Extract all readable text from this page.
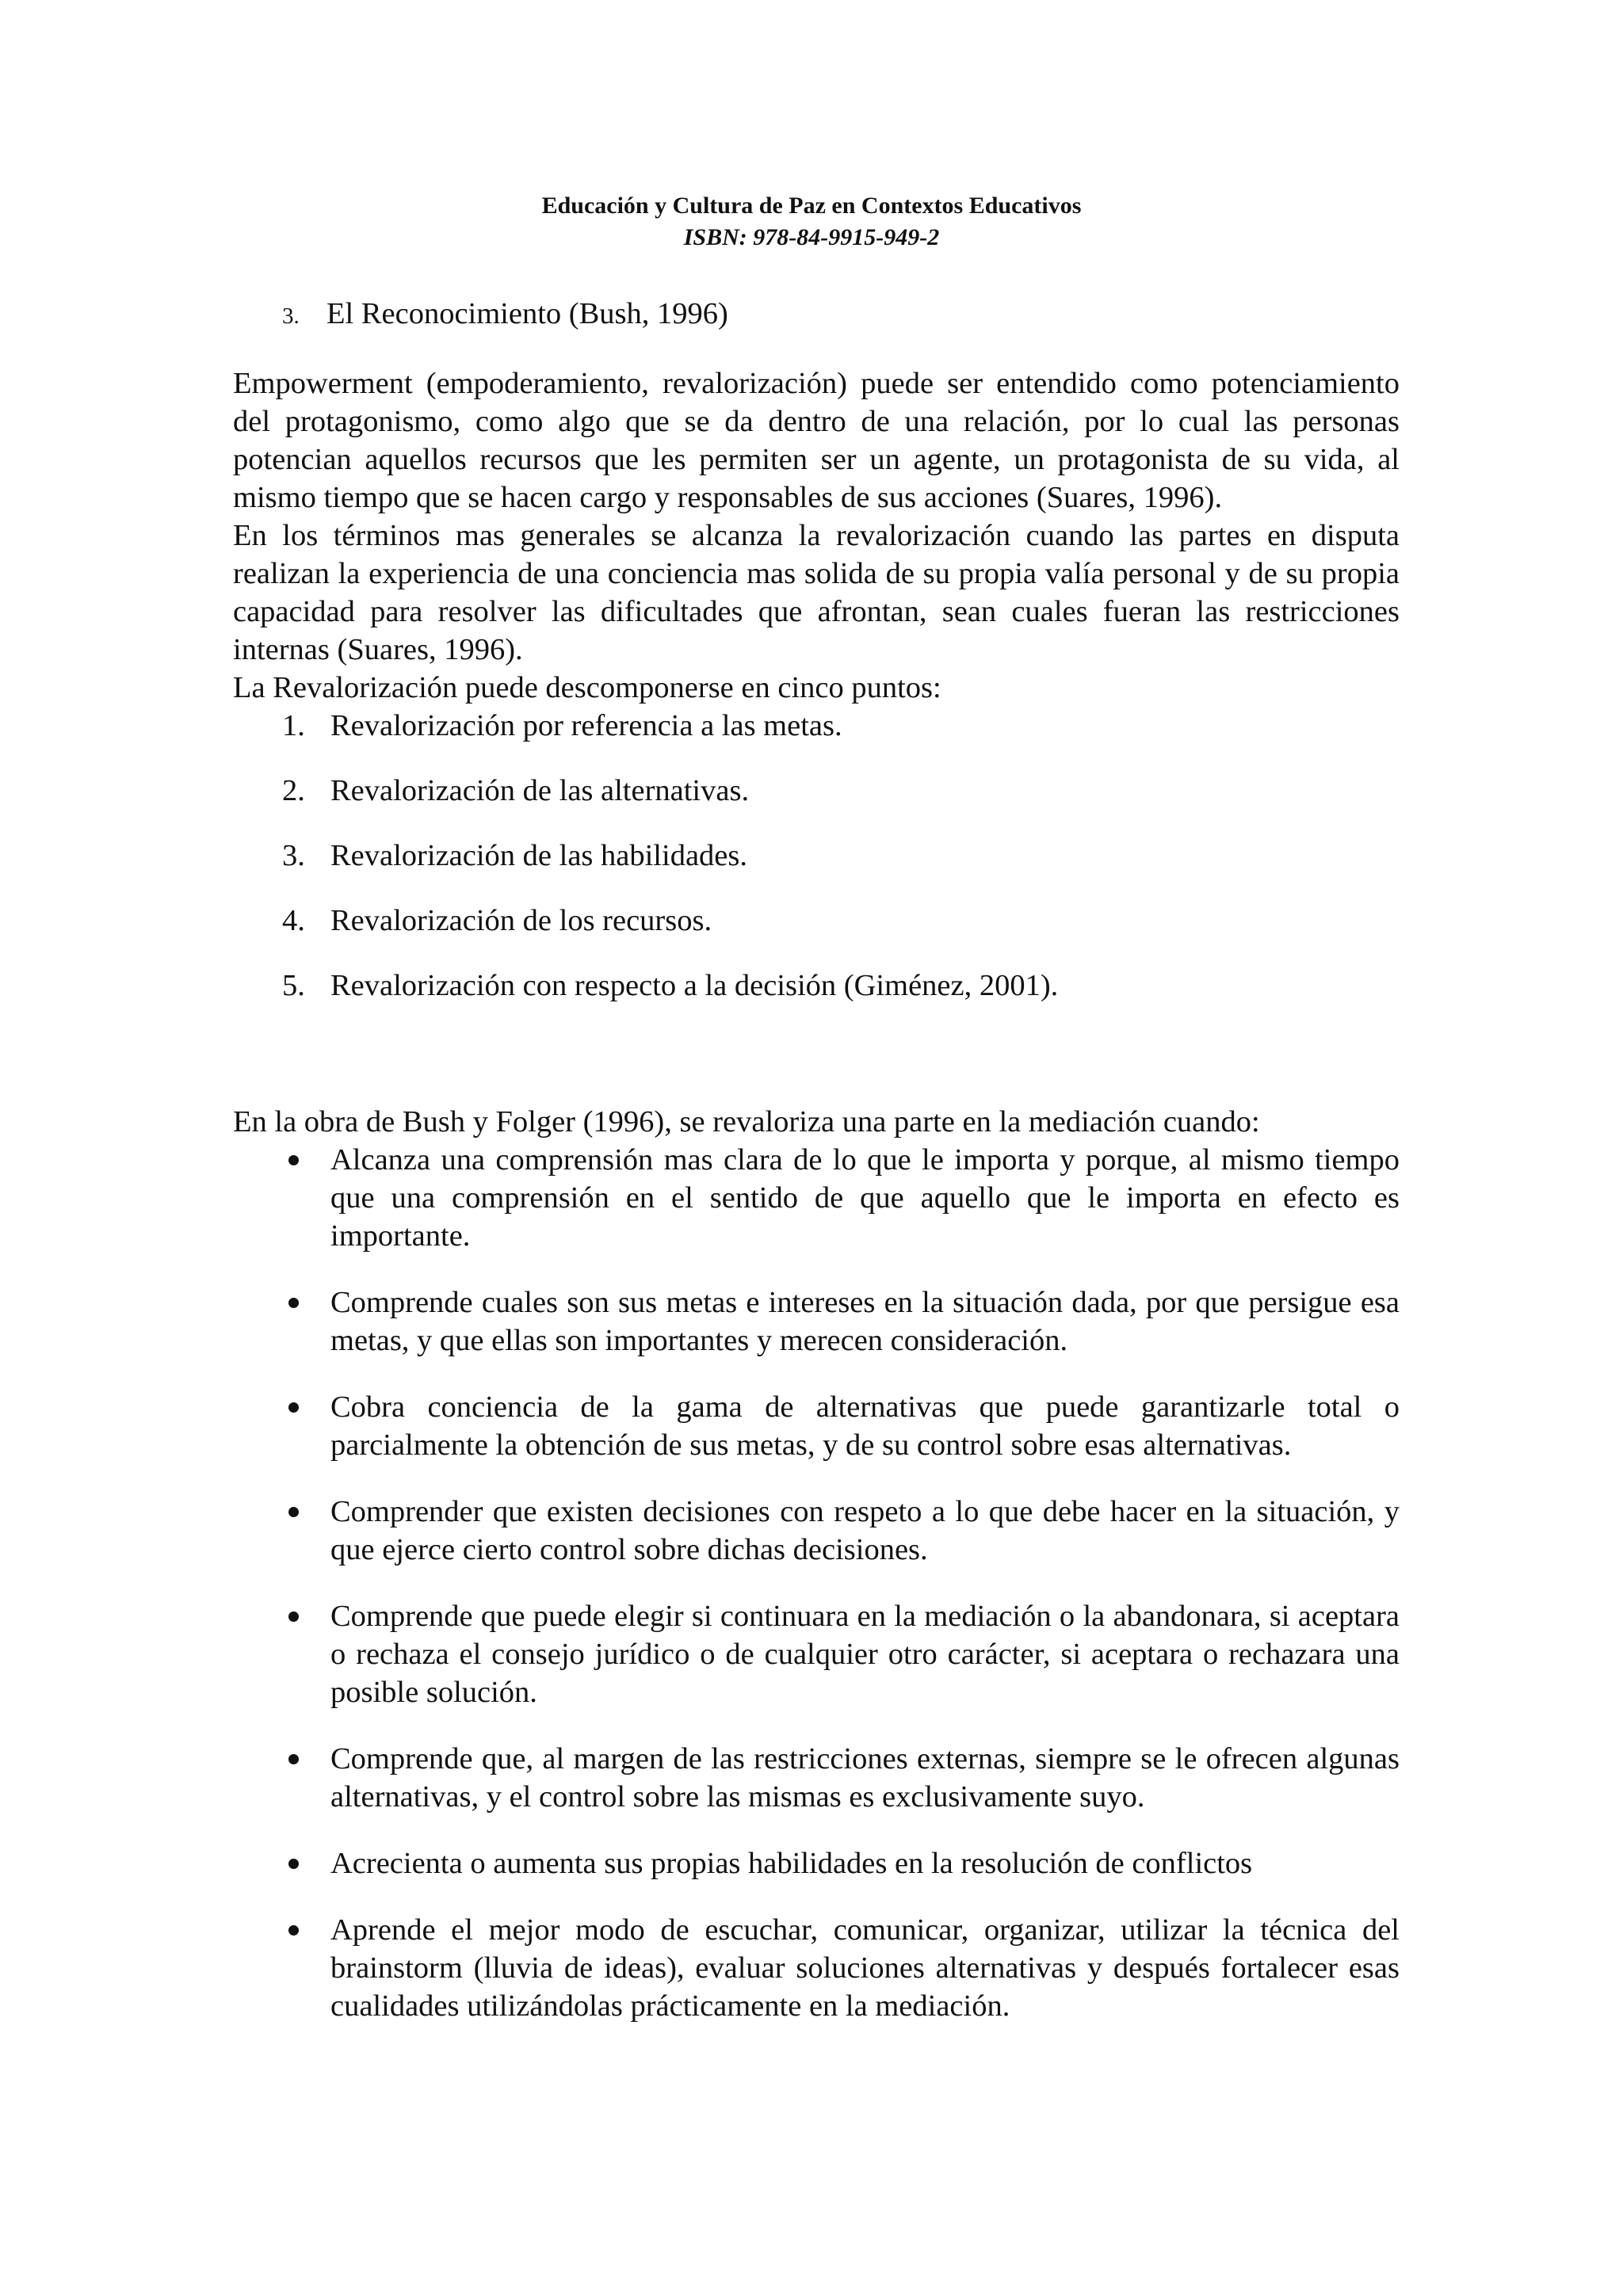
Educación y Cultura de Paz en Contextos Educativos
ISBN: 978-84-9915-949-2
3. El Reconocimiento (Bush, 1996)

Empowerment (empoderamiento, revalorización) puede ser entendido como potenciamiento del protagonismo, como algo que se da dentro de una relación, por lo cual las personas potencian aquellos recursos que les permiten ser un agente, un protagonista de su vida, al mismo tiempo que se hacen cargo y responsables de sus acciones (Suares, 1996).

En los términos mas generales se alcanza la revalorización cuando las partes en disputa realizan la experiencia de una conciencia mas solida de su propia valía personal y de su propia capacidad para resolver las dificultades que afrontan, sean cuales fueran las restricciones internas (Suares, 1996).

La Revalorización puede descomponerse en cinco puntos:

1. Revalorización por referencia a las metas.
2. Revalorización de las alternativas.
3. Revalorización de las habilidades.
4. Revalorización de los recursos.
5. Revalorización con respecto a la decisión (Giménez, 2001).

En la obra de Bush y Folger (1996), se revaloriza una parte en la mediación cuando:

Alcanza una comprensión mas clara de lo que le importa y porque, al mismo tiempo que una comprensión en el sentido de que aquello que le importa en efecto es importante.
Comprende cuales son sus metas e intereses en la situación dada, por que persigue esa metas, y que ellas son importantes y merecen consideración.
Cobra conciencia de la gama de alternativas que puede garantizarle total o parcialmente la obtención de sus metas, y de su control sobre esas alternativas.
Comprender que existen decisiones con respeto a lo que debe hacer en la situación, y que ejerce cierto control sobre dichas decisiones.
Comprende que puede elegir si continuara en la mediación o la abandonara, si aceptara o rechaza el consejo jurídico o de cualquier otro carácter, si aceptara o rechazara una posible solución.
Comprende que, al margen de las restricciones externas, siempre se le ofrecen algunas alternativas, y el control sobre las mismas es exclusivamente suyo.
Acrecienta o aumenta sus propias habilidades en la resolución de conflictos
Aprende el mejor modo de escuchar, comunicar, organizar, utilizar la técnica del brainstorm (lluvia de ideas), evaluar soluciones alternativas y después fortalecer esas cualidades utilizándolas prácticamente en la mediación.
